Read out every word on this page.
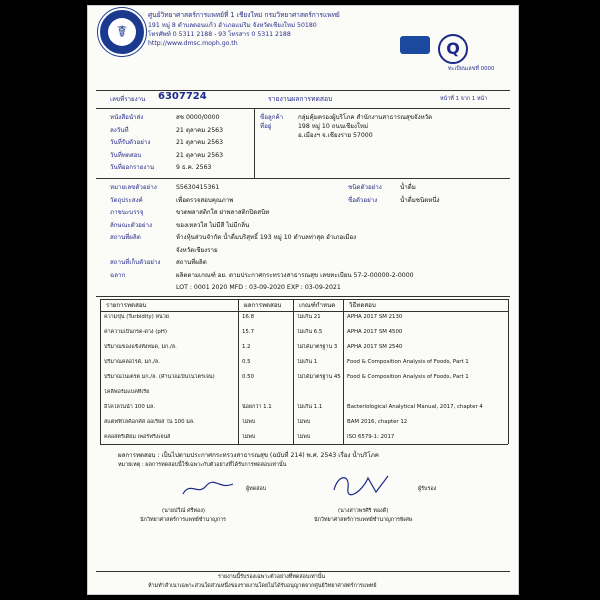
☤
Q
ศูนย์วิทยาศาสตร์การแพทย์ที่ 1 เชียงใหม่ กรมวิทยาศาสตร์การแพทย์
191 หมู่ 8 ตำบลดอนแก้ว อำเภอแม่ริม จังหวัดเชียงใหม่ 50180
โทรศัพท์ 0 5311 2188 - 93 โทรสาร 0 5311 2188
http://www.dmsc.moph.go.th
ทะเบียนเลขที่ 0000
เลขที่รายงาน 6307724	รายงานผลการทดสอบ	หน้าที่ 1 จาก 1 หน้า
หนังสือนำส่ง	สช 0000/0000
ลงวันที่	21 ตุลาคม 2563
วันที่รับตัวอย่าง	21 ตุลาคม 2563
วันที่ทดสอบ	21 ตุลาคม 2563
วันที่ออกรายงาน	9 ธ.ค. 2563
ชื่อลูกค้า กลุ่มคุ้มครองผู้บริโภค สำนักงานสาธารณสุขจังหวัด
ที่อยู่	198 หมู่ 10 ถนนเชียงใหม่
อ.เมืองฯ จ.เชียงราย 57000
หมายเลขตัวอย่าง	S5630415361	ชนิดตัวอย่าง	น้ำดื่ม
วัตถุประสงค์	เพื่อตรวจสอบคุณภาพ	ชื่อตัวอย่าง	น้ำดื่มชนิดหนึ่ง
ภาชนะบรรจุ	ขวดพลาสติกใส ฝาพลาสติกปิดสนิท
ลักษณะตัวอย่าง	ของเหลวใส ไม่มีสี ไม่มีกลิ่น
สถานที่ผลิต	ห้างหุ้นส่วนจำกัด น้ำดื่มบริสุทธิ์ 193 หมู่ 10 ตำบลท่าสุด อำเภอเมือง
จังหวัดเชียงราย
สถานที่เก็บตัวอย่าง	สถานที่ผลิต
ฉลาก	ผลิตตามเกณฑ์ อย. ตามประกาศกระทรวงสาธารณสุข เลขทะเบียน 57-2-00000-2-0000
LOT : 0001 2020 MFD : 03-09-2020 EXP : 03-09-2021
รายการทดสอบ	ผลการทดสอบ	เกณฑ์กำหนด วิธีทดสอบ
ความขุ่น (Turbidity) หน่วย	16.8	ไม่เกิน 21	APHA 2017 SM 2130
ค่าความเป็นกรด-ด่าง (pH)	15.7	ไม่เกิน 6.5	APHA 2017 SM 4500
ปริมาณของแข็งทั้งหมด, มก./ล.	1.2	ไม่ได้มาตรฐาน 3 APHA 2017 SM 2540
ปริมาณคลอไรด์, มก./ล.	0.5	ไม่เกิน 1	Food & Composition Analysis of Foods, Part 1
ปริมาณไนเตรต มก./ล. (คำนวณเป็นไนโตรเจน)	0.50	ไม่ได้มาตรฐาน 45 Food & Composition Analysis of Foods, Part 1
โคลิฟอร์มแบคทีเรีย
อีโคไลในน้ำ 100 มล.	น้อยกว่า 1.1	ไม่เกิน 1.1	Bacteriological Analytical Manual, 2017, chapter 4
สแตฟฟิโลค็อกคัส ออเรียส ใน 100 มล.	ไม่พบ	ไม่พบ	BAM 2016, chapter 12
คลอสตริเดียม เพอร์ฟริงเจนส์	ไม่พบ	ไม่พบ	ISO 6579-1: 2017
ผลการทดสอบ : เป็นไปตามประกาศกระทรวงสาธารณสุข (ฉบับที่ 214) พ.ศ. 2543 เรื่อง น้ำบริโภค
หมายเหตุ : ผลการทดสอบนี้ใช้เฉพาะกับตัวอย่างที่ได้รับการทดสอบเท่านั้น
ผู้ทดสอบ	ผู้รับรอง
(นายปวีณ์ ศรีทอง)	(นางสาวพรศิริ ทองดี)
นักวิทยาศาสตร์การแพทย์ชำนาญการ	นักวิทยาศาสตร์การแพทย์ชำนาญการพิเศษ
รายงานนี้รับรองเฉพาะตัวอย่างที่ทดสอบเท่านั้น
ห้ามทำสำเนาเฉพาะส่วนใดส่วนหนึ่งของรายงานโดยไม่ได้รับอนุญาตจากศูนย์วิทยาศาสตร์การแพทย์
